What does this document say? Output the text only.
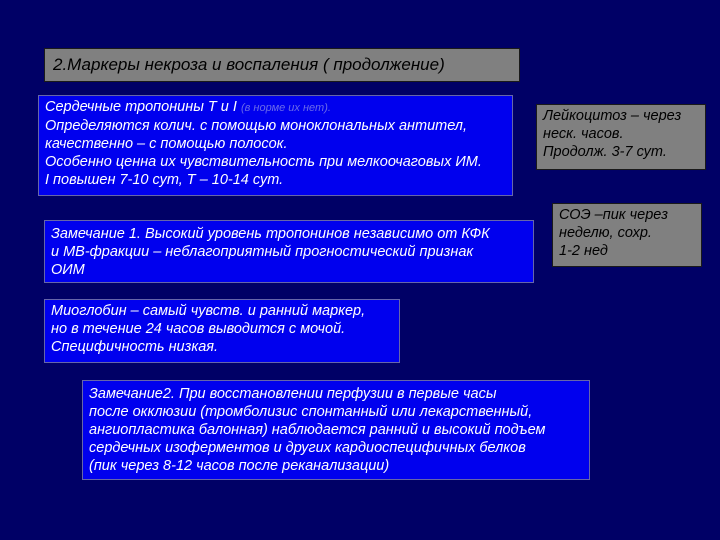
2.Маркеры некроза и воспаления ( продолжение)
Сердечные тропонины Т и I (в норме их нет).
Определяются колич. с помощью моноклональных антител,
качественно – с помощью полосок.
Особенно ценна их чувствительность при мелкоочаговых ИМ.
I повышен 7-10 сут, Т – 10-14 сут.
Лейкоцитоз – через
неск. часов.
Продолж. 3-7 сут.
Замечание 1. Высокий уровень тропонинов независимо от КФК
и МВ-фракции – неблагоприятный прогностический признак
ОИМ
СОЭ –пик через
неделю, сохр.
1-2 нед
Миоглобин – самый чувств. и ранний маркер,
но в течение 24 часов выводится с мочой.
Специфичность низкая.
Замечание2. При восстановлении перфузии в первые часы
после окклюзии (тромболизис спонтанный или лекарственный,
ангиопластика балонная) наблюдается ранний и высокий подъем
сердечных изоферментов и других кардиоспецифичных белков
(пик через 8-12 часов после реканализации)
